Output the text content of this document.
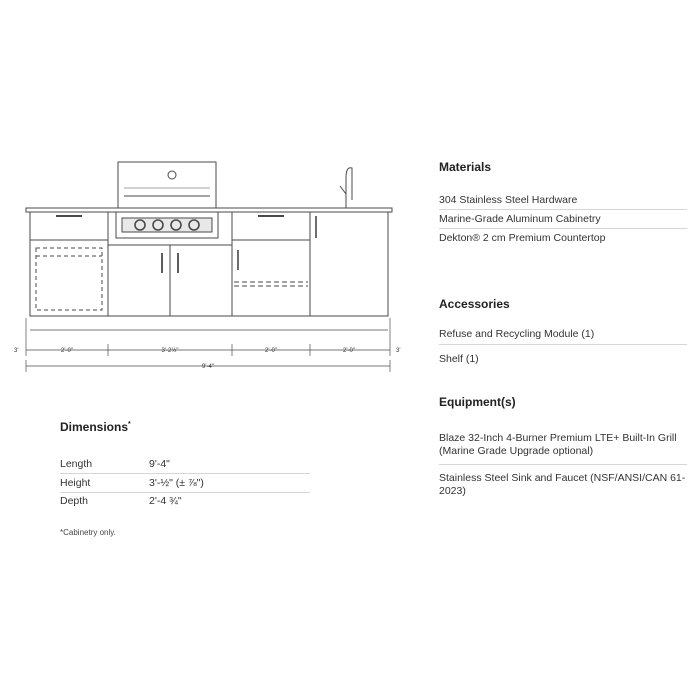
2'-0"	3'-2½"	2'-0"	2'-0"
9'-4"
3'	3'
Materials
304 Stainless Steel Hardware
Marine-Grade Aluminum Cabinetry
Dekton® 2 cm Premium Countertop
Accessories
Refuse and Recycling Module (1)
Shelf (1)
Equipment(s)
Blaze 32-Inch 4-Burner Premium LTE+ Built-In Grill (Marine Grade Upgrade optional)
Stainless Steel Sink and Faucet (NSF/ANSI/CAN 61-2023)
Dimensions*
Length	9'-4"
Height	3'-½" (± ⅞")
Depth	2'-4 ¾"
*Cabinetry only.
